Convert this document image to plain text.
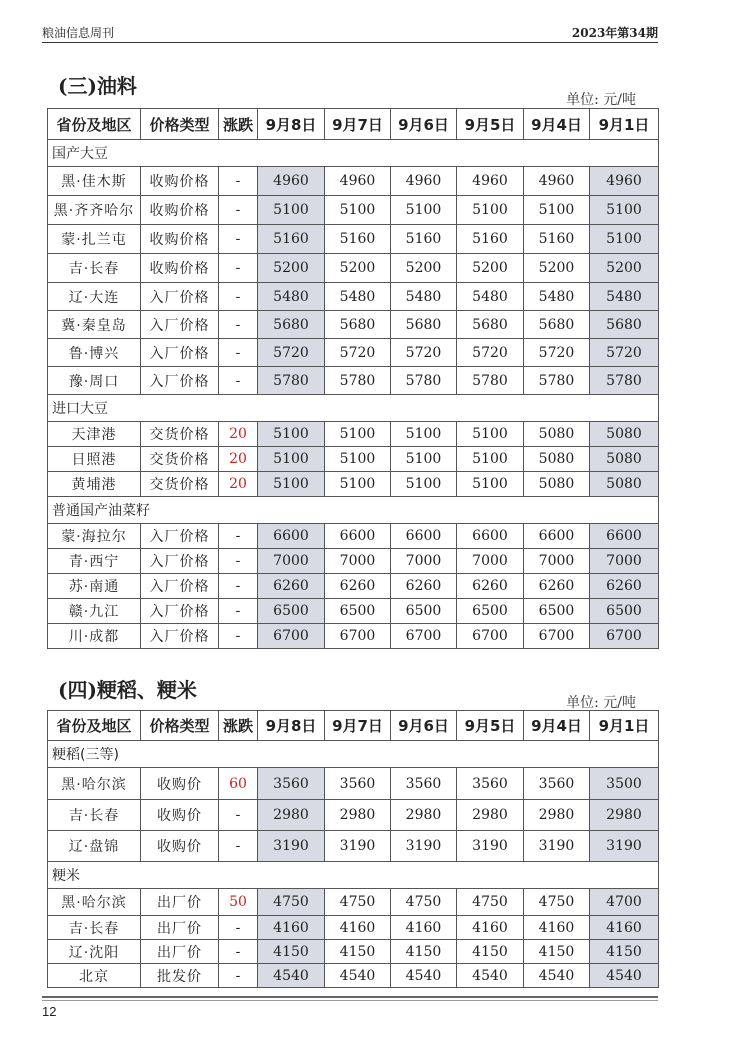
粮油信息周刊	2023年第34期
(三)油料
单位: 元/吨
省份及地区	价格类型	涨跌	9月8日	9月7日	9月6日	9月5日	9月4日	9月1日
国产大豆								
黑·佳木斯	收购价格	-	4960	4960	4960	4960	4960	4960
黑·齐齐哈尔	收购价格	-	5100	5100	5100	5100	5100	5100
蒙·扎兰屯	收购价格	-	5160	5160	5160	5160	5160	5100
吉·长春	收购价格	-	5200	5200	5200	5200	5200	5200
辽·大连	入厂价格	-	5480	5480	5480	5480	5480	5480
冀·秦皇岛	入厂价格	-	5680	5680	5680	5680	5680	5680
鲁·博兴	入厂价格	-	5720	5720	5720	5720	5720	5720
豫·周口	入厂价格	-	5780	5780	5780	5780	5780	5780
进口大豆								
天津港	交货价格	20	5100	5100	5100	5100	5080	5080
日照港	交货价格	20	5100	5100	5100	5100	5080	5080
黄埔港	交货价格	20	5100	5100	5100	5100	5080	5080
普通国产油菜籽								
蒙·海拉尔	入厂价格	-	6600	6600	6600	6600	6600	6600
青·西宁	入厂价格	-	7000	7000	7000	7000	7000	7000
苏·南通	入厂价格	-	6260	6260	6260	6260	6260	6260
赣·九江	入厂价格	-	6500	6500	6500	6500	6500	6500
川·成都	入厂价格	-	6700	6700	6700	6700	6700	6700
(四)粳稻、粳米
单位: 元/吨
省份及地区	价格类型	涨跌	9月8日	9月7日	9月6日	9月5日	9月4日	9月1日
粳稻(三等)								
黑·哈尔滨	收购价	60	3560	3560	3560	3560	3560	3500
吉·长春	收购价	-	2980	2980	2980	2980	2980	2980
辽·盘锦	收购价	-	3190	3190	3190	3190	3190	3190
粳米								
黑·哈尔滨	出厂价	50	4750	4750	4750	4750	4750	4700
吉·长春	出厂价	-	4160	4160	4160	4160	4160	4160
辽·沈阳	出厂价	-	4150	4150	4150	4150	4150	4150
北京	批发价	-	4540	4540	4540	4540	4540	4540
12
